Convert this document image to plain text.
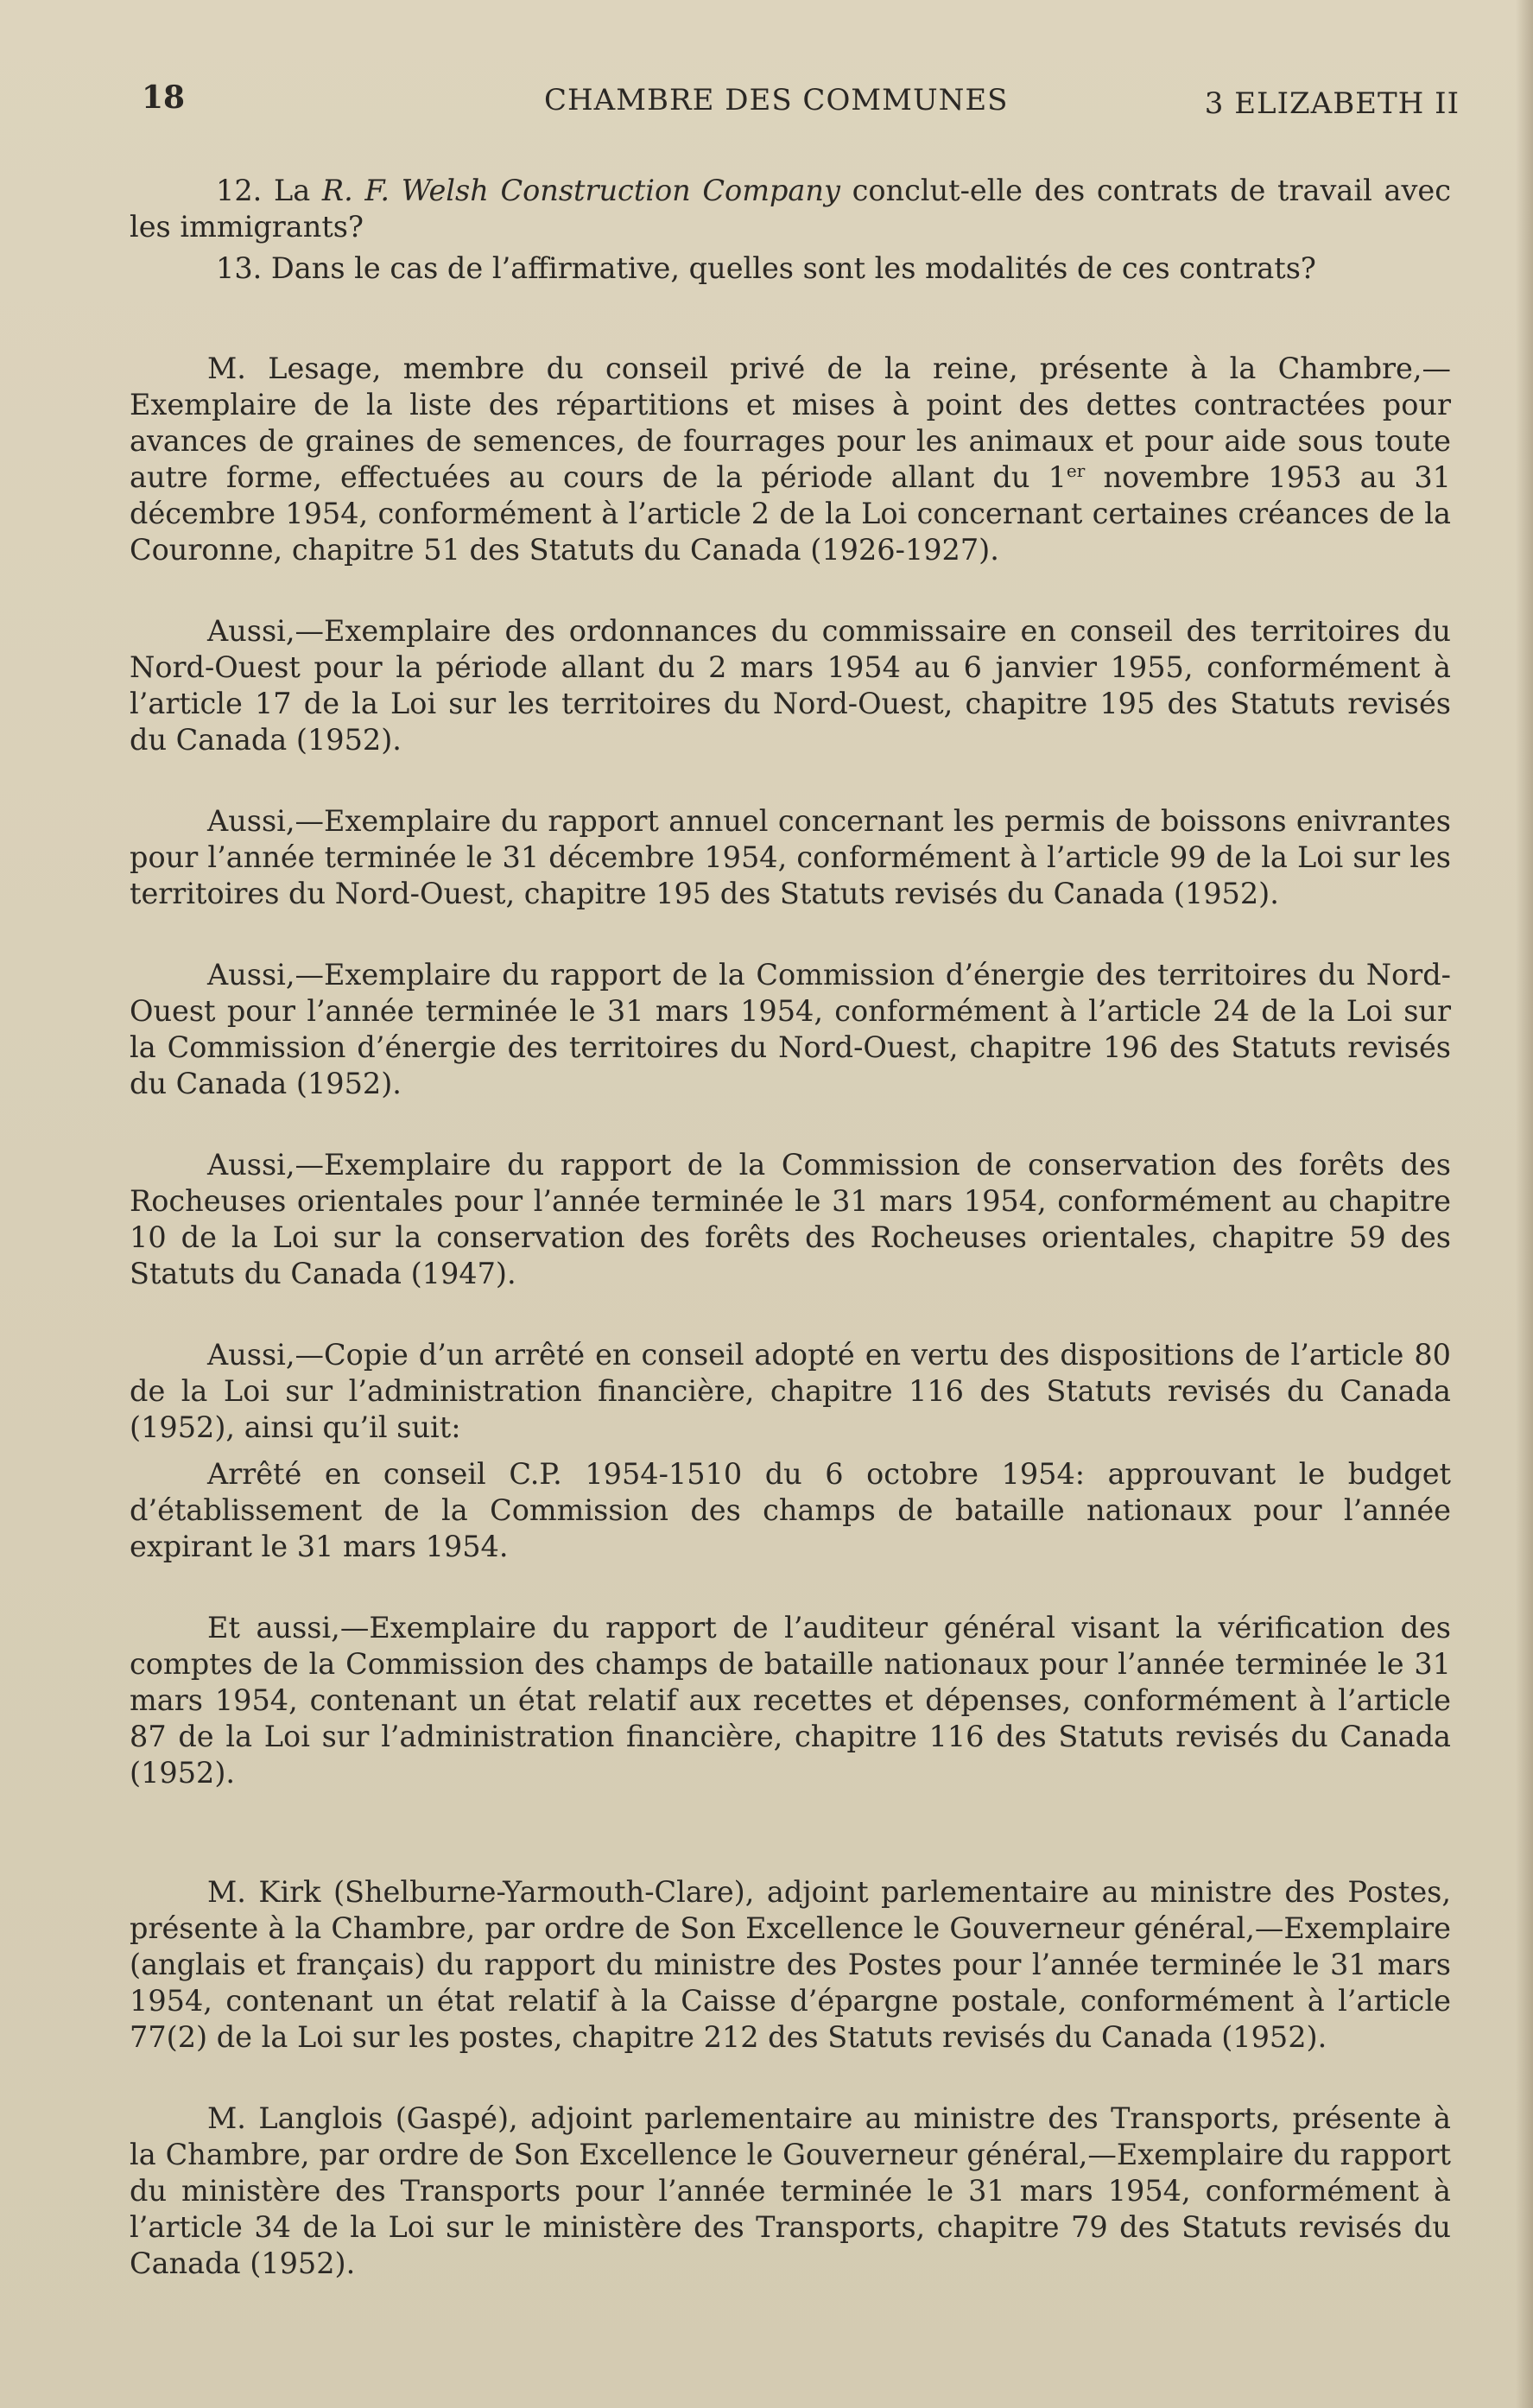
18	CHAMBRE DES COMMUNES	3 ELIZABETH II

12. La R. F. Welsh Construction Company conclut-elle des contrats de travail avec les immigrants?

13. Dans le cas de l’affirmative, quelles sont les modalités de ces contrats?

M. Lesage, membre du conseil privé de la reine, présente à la Chambre,—Exemplaire de la liste des répartitions et mises à point des dettes contractées pour avances de graines de semences, de fourrages pour les animaux et pour aide sous toute autre forme, effectuées au cours de la période allant du 1er novembre 1953 au 31 décembre 1954, conformément à l’article 2 de la Loi concernant certaines créances de la Couronne, chapitre 51 des Statuts du Canada (1926-1927).

Aussi,—Exemplaire des ordonnances du commissaire en conseil des territoires du Nord-Ouest pour la période allant du 2 mars 1954 au 6 janvier 1955, conformément à l’article 17 de la Loi sur les territoires du Nord-Ouest, chapitre 195 des Statuts revisés du Canada (1952).

Aussi,—Exemplaire du rapport annuel concernant les permis de boissons enivrantes pour l’année terminée le 31 décembre 1954, conformément à l’article 99 de la Loi sur les territoires du Nord-Ouest, chapitre 195 des Statuts revisés du Canada (1952).

Aussi,—Exemplaire du rapport de la Commission d’énergie des territoires du Nord-Ouest pour l’année terminée le 31 mars 1954, conformément à l’article 24 de la Loi sur la Commission d’énergie des territoires du Nord-Ouest, chapitre 196 des Statuts revisés du Canada (1952).

Aussi,—Exemplaire du rapport de la Commission de conservation des forêts des Rocheuses orientales pour l’année terminée le 31 mars 1954, conformément au chapitre 10 de la Loi sur la conservation des forêts des Rocheuses orientales, chapitre 59 des Statuts du Canada (1947).

Aussi,—Copie d’un arrêté en conseil adopté en vertu des dispositions de l’article 80 de la Loi sur l’administration financière, chapitre 116 des Statuts revisés du Canada (1952), ainsi qu’il suit:

Arrêté en conseil C.P. 1954-1510 du 6 octobre 1954: approuvant le budget d’établissement de la Commission des champs de bataille nationaux pour l’année expirant le 31 mars 1954.

Et aussi,—Exemplaire du rapport de l’auditeur général visant la vérification des comptes de la Commission des champs de bataille nationaux pour l’année terminée le 31 mars 1954, contenant un état relatif aux recettes et dépenses, conformément à l’article 87 de la Loi sur l’administration financière, chapitre 116 des Statuts revisés du Canada (1952).

M. Kirk (Shelburne-Yarmouth-Clare), adjoint parlementaire au ministre des Postes, présente à la Chambre, par ordre de Son Excellence le Gouverneur général,—Exemplaire (anglais et français) du rapport du ministre des Postes pour l’année terminée le 31 mars 1954, contenant un état relatif à la Caisse d’épargne postale, conformément à l’article 77(2) de la Loi sur les postes, chapitre 212 des Statuts revisés du Canada (1952).

M. Langlois (Gaspé), adjoint parlementaire au ministre des Transports, présente à la Chambre, par ordre de Son Excellence le Gouverneur général,—Exemplaire du rapport du ministère des Transports pour l’année terminée le 31 mars 1954, conformément à l’article 34 de la Loi sur le ministère des Transports, chapitre 79 des Statuts revisés du Canada (1952).
